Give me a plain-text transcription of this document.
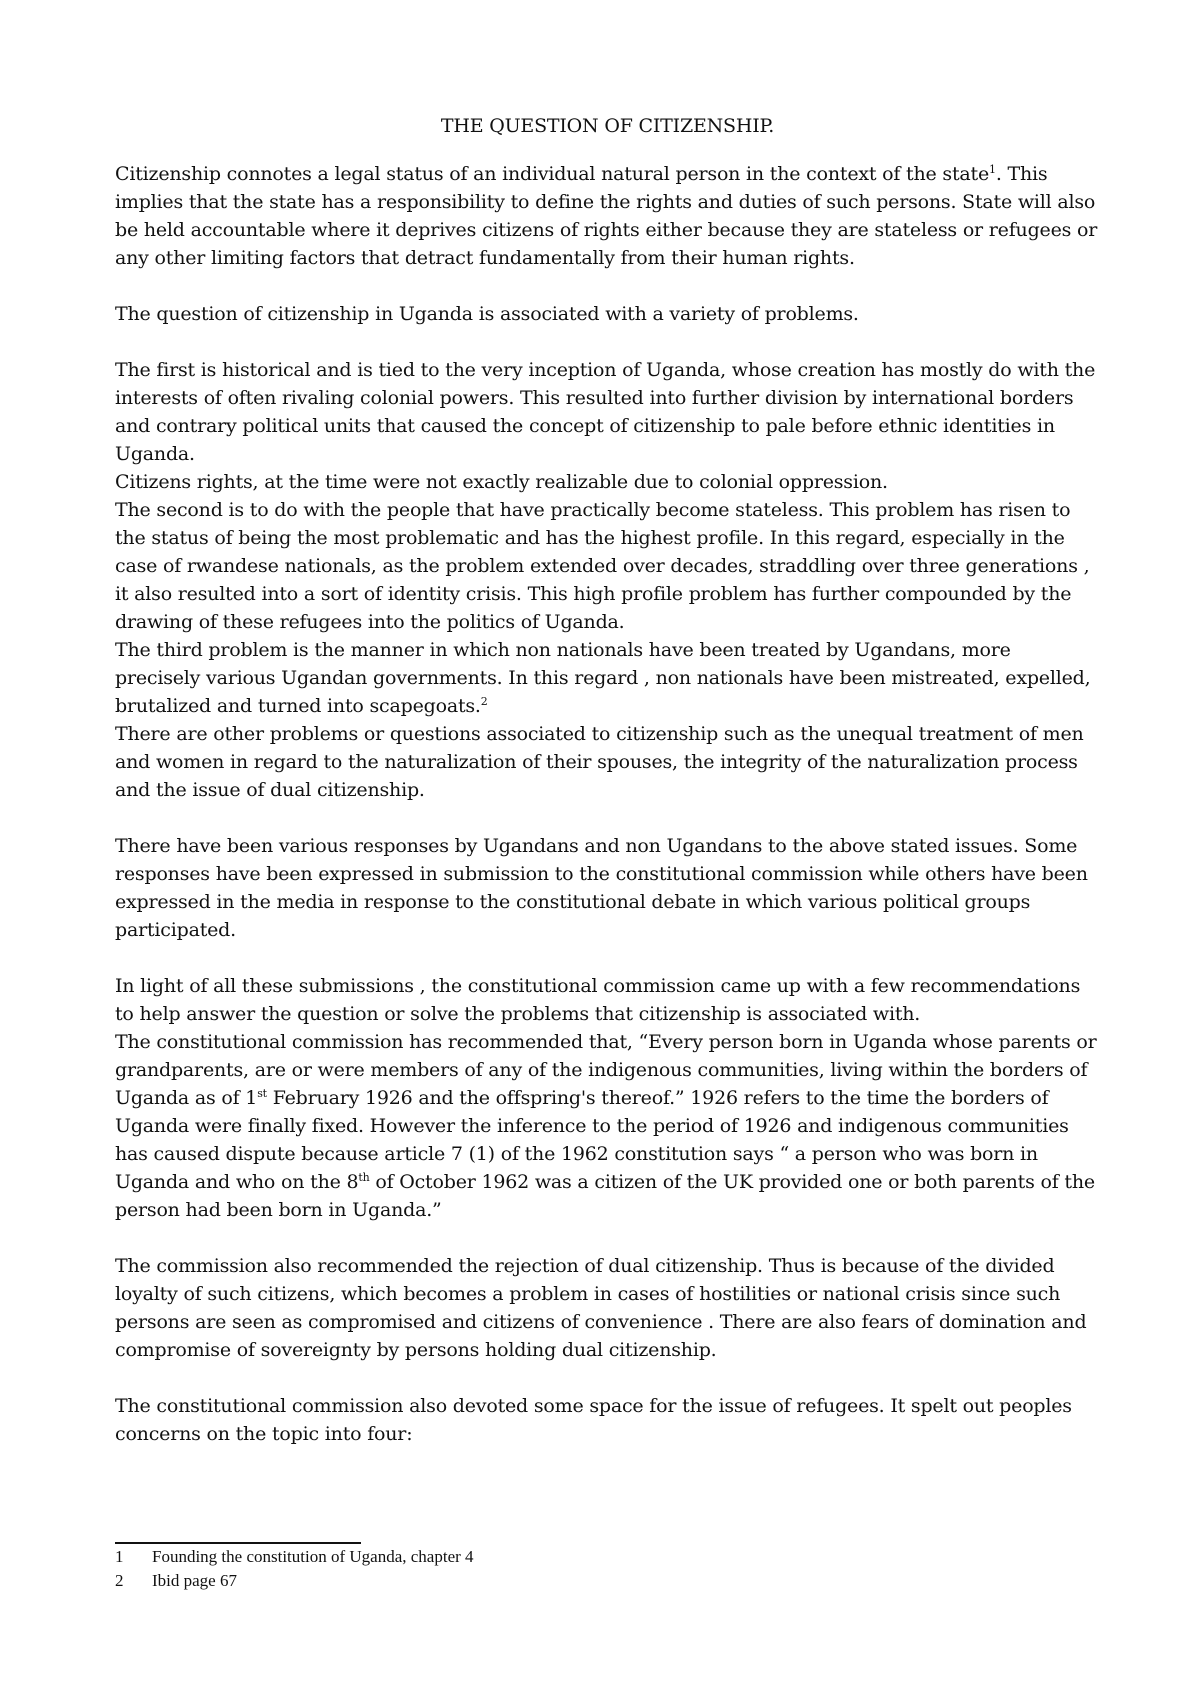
THE QUESTION OF CITIZENSHIP.

Citizenship connotes a legal status of an individual natural person in the context of the state$^1$. This implies that the state has a responsibility to define the rights and duties of such persons. State will also be held accountable where it deprives citizens of rights either because they are stateless or refugees or any other limiting factors that detract fundamentally from their human rights.

The question of citizenship in Uganda is associated with a variety of problems.

The first is historical and is tied to the very inception of Uganda, whose creation has mostly do with the interests of often rivaling colonial powers. This resulted into further division by international borders and contrary political units that caused the concept of citizenship to pale before ethnic identities in Uganda.

Citizens rights, at the time were not exactly realizable due to colonial oppression.

The second is to do with the people that have practically become stateless. This problem has risen to the status of being the most problematic and has the highest profile. In this regard, especially in the case of rwandese nationals, as the problem extended over decades, straddling over three generations , it also resulted into a sort of identity crisis. This high profile problem has further compounded by the drawing of these refugees into the politics of Uganda.

The third problem is the manner in which non nationals have been treated by Ugandans, more precisely various Ugandan governments. In this regard , non nationals have been mistreated, expelled, brutalized and turned into scapegoats.$^2$

There are other problems or questions associated to citizenship such as the unequal treatment of men and women in regard to the naturalization of their spouses, the integrity of the naturalization process and the issue of dual citizenship.

There have been various responses by Ugandans and non Ugandans to the above stated issues. Some responses have been expressed in submission to the constitutional commission while others have been expressed in the media in response to the constitutional debate in which various political groups participated.

In light of all these submissions , the constitutional commission came up with a few recommendations to help answer the question or solve the problems that citizenship is associated with.

The constitutional commission has recommended that, “Every person born in Uganda whose parents or grandparents, are or were members of any of the indigenous communities, living within the borders of Uganda as of 1st February 1926 and the offspring's thereof.” 1926 refers to the time the borders of Uganda were finally fixed. However the inference to the period of 1926 and indigenous communities has caused dispute because article 7 (1) of the 1962 constitution says “ a person who was born in Uganda and who on the 8th of October 1962 was a citizen of the UK provided one or both parents of the person had been born in Uganda.”

The commission also recommended the rejection of dual citizenship. Thus is because of the divided loyalty of such citizens, which becomes a problem in cases of hostilities or national crisis since such persons are seen as compromised and citizens of convenience . There are also fears of domination and compromise of sovereignty by persons holding dual citizenship.

The constitutional commission also devoted some space for the issue of refugees. It spelt out peoples concerns on the topic into four:

1	Founding the constitution of Uganda, chapter 4
2	Ibid page 67
